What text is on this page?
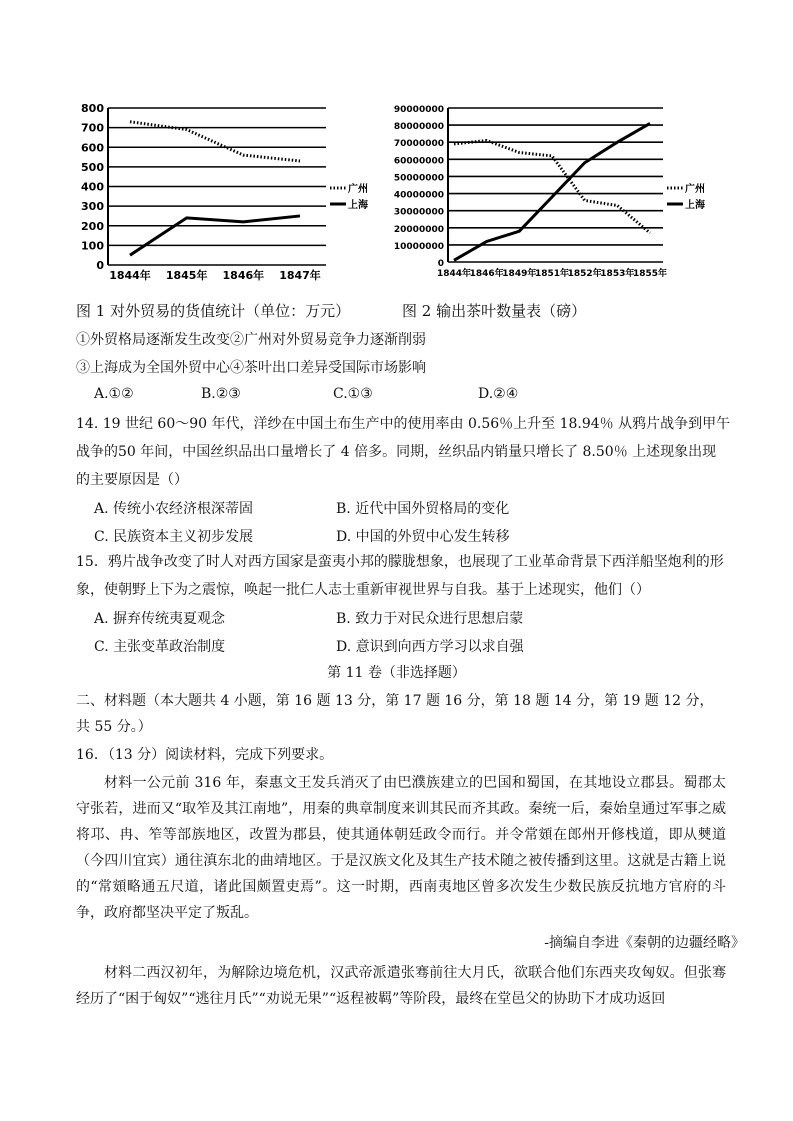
0
100
200
300
400
500
600
700
800
1844年 1845年 1846年 1847年
广州
上海
0
10000000
20000000
30000000
40000000
50000000
60000000
70000000
80000000
90000000
1844年
1846年
1849年
1851年
1852年
1853年
1855年
广州
上海
图 1 对外贸易的货值统计（单位：万元）	图 2 输出茶叶数量表（磅）
①外贸格局逐渐发生改变②广州对外贸易竞争力逐渐削弱
③上海成为全国外贸中心④茶叶出口差异受国际市场影响
A.①②	B.②③	C.①③	D.②④
14. 19 世纪 60～90 年代，洋纱在中国土布生产中的使用率由 0.56％上升至 18.94％ 从鸦片战争到甲午
战争的50 年间，中国丝织品出口量增长了 4 倍多。同期，丝织品内销量只增长了 8.50％ 上述现象出现
的主要原因是（）
A. 传统小农经济根深蒂固	B. 近代中国外贸格局的变化
C. 民族资本主义初步发展	D. 中国的外贸中心发生转移
15．鸦片战争改变了时人对西方国家是蛮夷小邦的朦胧想象，也展现了工业革命背景下西洋船坚炮利的形
象，使朝野上下为之震惊，唤起一批仁人志士重新审视世界与自我。基于上述现实，他们（）
A. 摒弃传统夷夏观念	B. 致力于对民众进行思想启蒙
C. 主张变革政治制度	D. 意识到向西方学习以求自强
第 11 卷（非选择题）
二、材料题（本大题共 4 小题，第 16 题 13 分，第 17 题 16 分，第 18 题 14 分，第 19 题 12 分，
共 55 分。）
16．（13 分）阅读材料，完成下列要求。
材料一公元前 316 年，秦惠文王发兵消灭了由巴濮族建立的巴国和蜀国，在其地设立郡县。蜀郡太守张若，进而又“取笮及其江南地”，用秦的典章制度来训其民而齐其政。秦统一后，秦始皇通过军事之威将邛、冉、笮等部族地区，改置为郡县，使其通体朝廷政令而行。并令常頞在郎州开修栈道，即从僰道（今四川宜宾）通往滇东北的曲靖地区。于是汉族文化及其生产技术随之被传播到这里。这就是古籍上说的“常頞略通五尺道，诸此国颇置吏焉”。这一时期，西南夷地区曾多次发生少数民族反抗地方官府的斗争，政府都坚决平定了叛乱。
-摘编自李进《秦朝的边疆经略》
材料二西汉初年，为解除边境危机，汉武帝派遣张骞前往大月氏，欲联合他们东西夹攻匈奴。但张骞经历了“困于匈奴”“逃往月氏”“劝说无果”“返程被羁”等阶段，最终在堂邑父的协助下才成功返回
